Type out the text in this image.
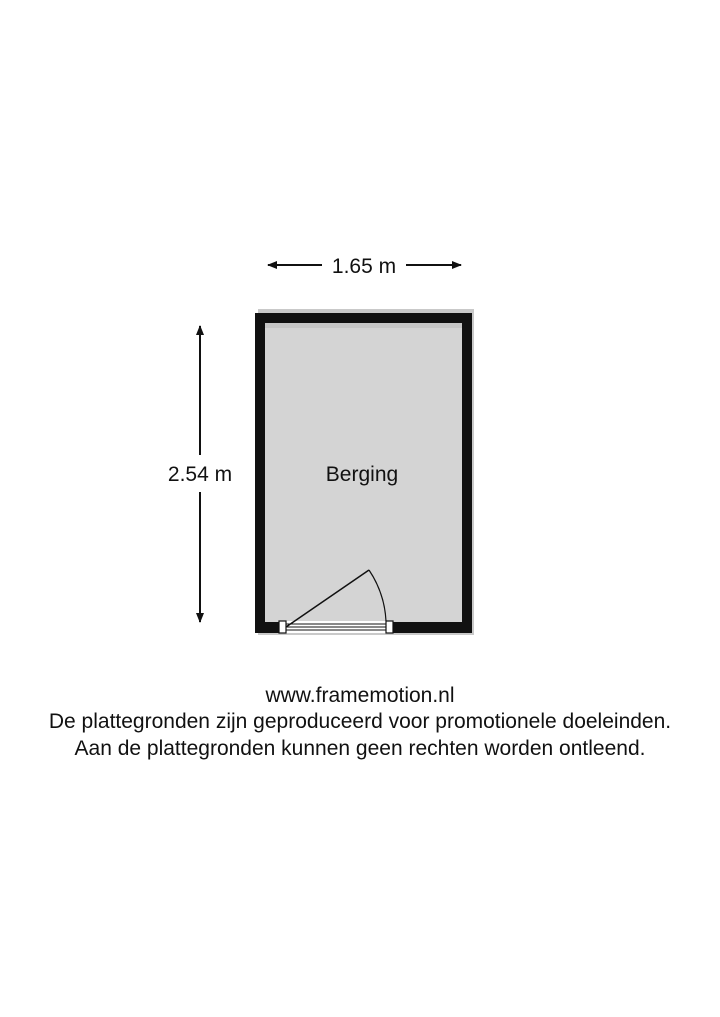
1.65 m
2.54 m	Berging
www.framemotion.nl
De plattegronden zijn geproduceerd voor promotionele doeleinden.
Aan de plattegronden kunnen geen rechten worden ontleend.
